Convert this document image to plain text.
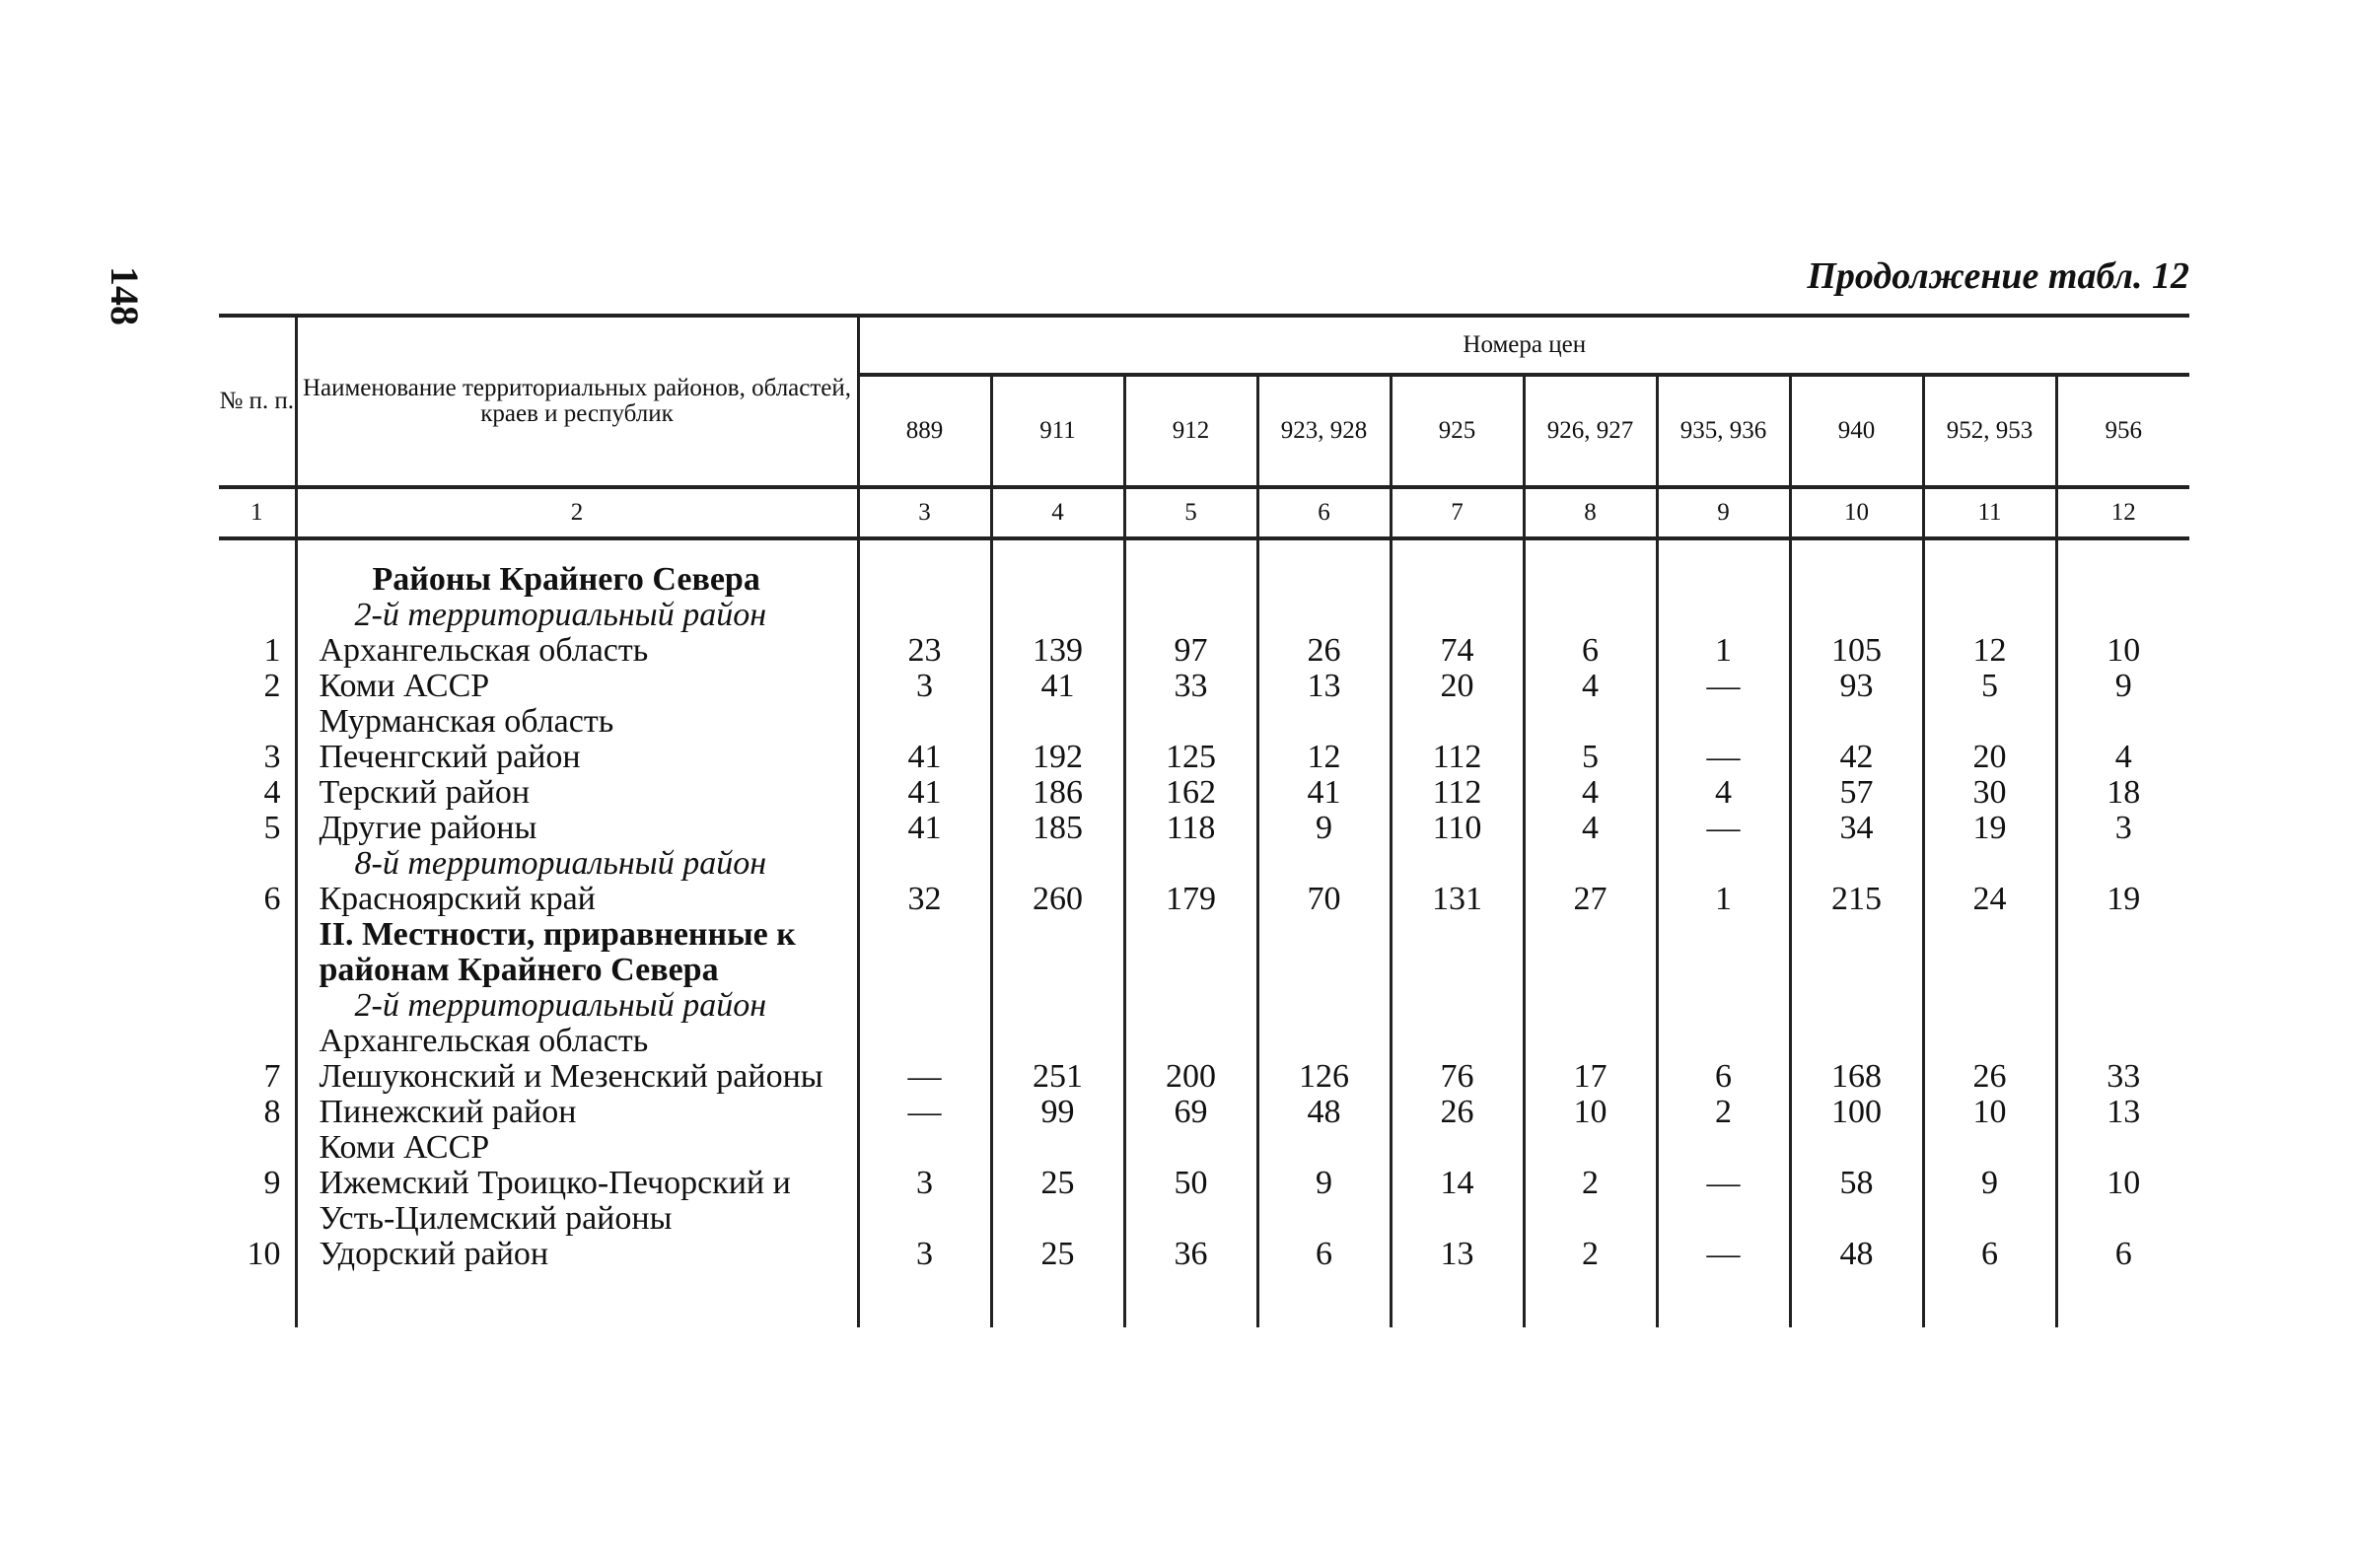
148	Продолжение табл. 12
№ п. п.	Наименование территориальных районов, областей, краев и республик	Номера цен									
		889	911	912	923, 928	925	926, 927	935, 936	940	952, 953	956
1	2	3	4	5	6	7	8	9	10	11	12

	Районы Крайнего Севера										
	2-й территориальный район										
1	Архангельская область	23	139	97	26	74	6	1	105	12	10
2	Коми АССР	3	41	33	13	20	4	—	93	5	9
	Мурманская область										
3	Печенгский район	41	192	125	12	112	5	—	42	20	4
4	Терский район	41	186	162	41	112	4	4	57	30	18
5	Другие районы	41	185	118	9	110	4	—	34	19	3
	8-й территориальный район										
6	Красноярский край	32	260	179	70	131	27	1	215	24	19
	II. Местности, приравненные к районам Крайнего Севера										
	2-й территориальный район										
	Архангельская область										
7	Лешуконский и Мезенский районы	—	251	200	126	76	17	6	168	26	33
8	Пинежский район	—	99	69	48	26	10	2	100	10	13
	Коми АССР										
9	Ижемский Троицко-Печорский и Усть-Цилемский районы	3	25	50	9	14	2	—	58	9	10
10	Удорский район	3	25	36	6	13	2	—	48	6	6
